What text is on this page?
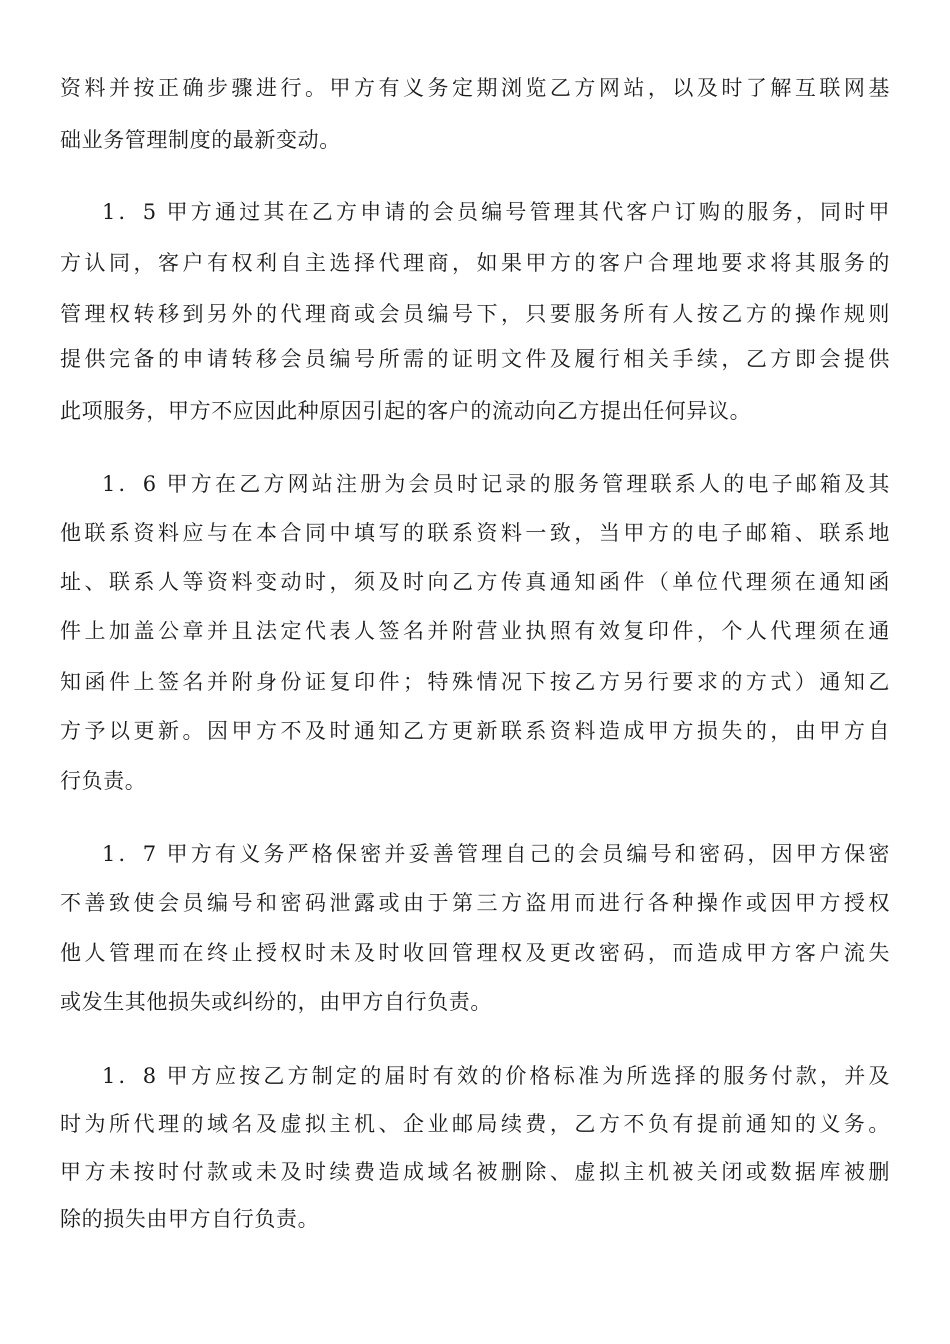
资料并按正确步骤进行。甲方有义务定期浏览乙方网站，以及时了解互联网基
础业务管理制度的最新变动。
1．5 甲方通过其在乙方申请的会员编号管理其代客户订购的服务，同时甲
方认同，客户有权利自主选择代理商，如果甲方的客户合理地要求将其服务的
管理权转移到另外的代理商或会员编号下，只要服务所有人按乙方的操作规则
提供完备的申请转移会员编号所需的证明文件及履行相关手续，乙方即会提供
此项服务，甲方不应因此种原因引起的客户的流动向乙方提出任何异议。
1．6 甲方在乙方网站注册为会员时记录的服务管理联系人的电子邮箱及其
他联系资料应与在本合同中填写的联系资料一致，当甲方的电子邮箱、联系地
址、联系人等资料变动时，须及时向乙方传真通知函件（单位代理须在通知函
件上加盖公章并且法定代表人签名并附营业执照有效复印件，个人代理须在通
知函件上签名并附身份证复印件；特殊情况下按乙方另行要求的方式）通知乙
方予以更新。因甲方不及时通知乙方更新联系资料造成甲方损失的，由甲方自
行负责。
1．7 甲方有义务严格保密并妥善管理自己的会员编号和密码，因甲方保密
不善致使会员编号和密码泄露或由于第三方盗用而进行各种操作或因甲方授权
他人管理而在终止授权时未及时收回管理权及更改密码，而造成甲方客户流失
或发生其他损失或纠纷的，由甲方自行负责。
1．8 甲方应按乙方制定的届时有效的价格标准为所选择的服务付款，并及
时为所代理的域名及虚拟主机、企业邮局续费，乙方不负有提前通知的义务。
甲方未按时付款或未及时续费造成域名被删除、虚拟主机被关闭或数据库被删
除的损失由甲方自行负责。
